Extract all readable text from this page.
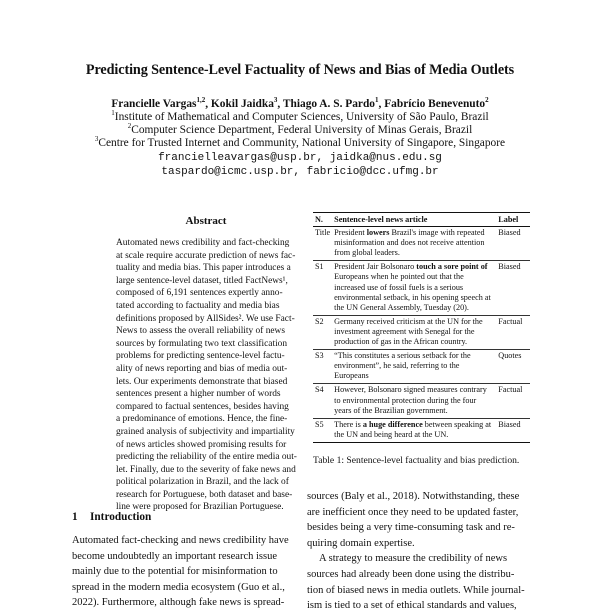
Predicting Sentence-Level Factuality of News and Bias of Media Outlets
Francielle Vargas$^{1,2}$, Kokil Jaidka$^3$, Thiago A. S. Pardo$^1$, Fabrício Benevenuto$^2$
$^1$Institute of Mathematical and Computer Sciences, University of São Paulo, Brazil
$^2$Computer Science Department, Federal University of Minas Gerais, Brazil
$^3$Centre for Trusted Internet and Community, National University of Singapore, Singapore
francielleavargas@usp.br, jaidka@nus.edu.sg
taspardo@icmc.usp.br, fabricio@dcc.ufmg.br
Abstract
Automated news credibility and fact-checking
at scale require accurate prediction of news fac-
tuality and media bias. This paper introduces a
large sentence-level dataset, titled FactNews¹,
composed of 6,191 sentences expertly anno-
tated according to factuality and media bias
definitions proposed by AllSides². We use Fact-
News to assess the overall reliability of news
sources by formulating two text classification
problems for predicting sentence-level factu-
ality of news reporting and bias of media out-
lets. Our experiments demonstrate that biased
sentences present a higher number of words
compared to factual sentences, besides having
a predominance of emotions. Hence, the fine-
grained analysis of subjectivity and impartiality
of news articles showed promising results for
predicting the reliability of the entire media out-
let. Finally, due to the severity of fake news and
political polarization in Brazil, and the lack of
research for Portuguese, both dataset and base-
line were proposed for Brazilian Portuguese.
N.	Sentence-level news article	Label
Title	President lowers Brazil's image with repeated misinformation and does not receive attention from global leaders.	Biased
S1	President Jair Bolsonaro touch a sore point of Europeans when he pointed out that the increased use of fossil fuels is a serious environmental setback, in his opening speech at the UN General Assembly, Tuesday (20).	Biased
S2	Germany received criticism at the UN for the investment agreement with Senegal for the production of gas in the African country.	Factual
S3	“This constitutes a serious setback for the environment”, he said, referring to the Europeans	Quotes
S4	However, Bolsonaro signed measures contrary to environmental protection during the four years of the Brazilian government.	Factual
S5	There is a huge difference between speaking at the UN and being heard at the UN.	Biased
Table 1: Sentence-level factuality and bias prediction.
1 Introduction
Automated fact-checking and news credibility have
become undoubtedly an important research issue
mainly due to the potential for misinformation to
spread in the modern media ecosystem (Guo et al.,
2022). Furthermore, although fake news is spread-
sources (Baly et al., 2018). Notwithstanding, these
are inefficient once they need to be updated faster,
besides being a very time-consuming task and re-
quiring domain expertise.
A strategy to measure the credibility of news
sources had already been done using the distribu-
tion of biased news in media outlets. While journal-
ism is tied to a set of ethical standards and values,
